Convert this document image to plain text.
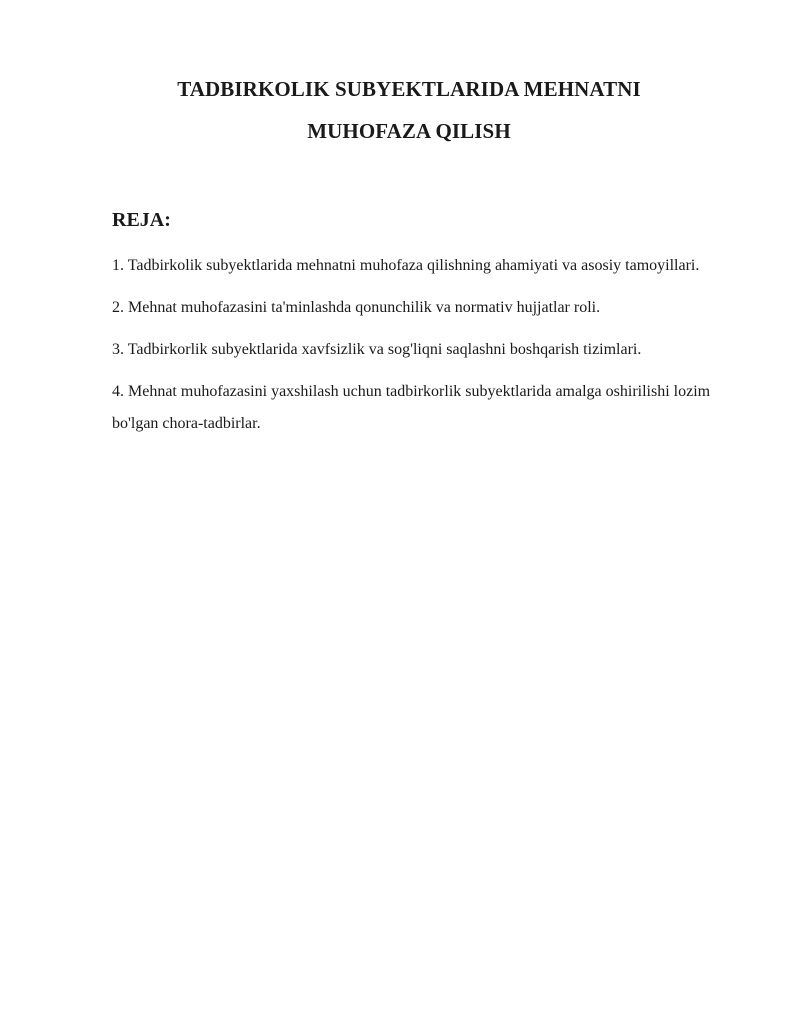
TADBIRKOLIK SUBYEKTLARIDA MEHNATNI
MUHOFAZA QILISH
REJA:
1. Tadbirkolik subyektlarida mehnatni muhofaza qilishning ahamiyati va asosiy tamoyillari.
2. Mehnat muhofazasini ta'minlashda qonunchilik va normativ hujjatlar roli.
3. Tadbirkorlik subyektlarida xavfsizlik va sog'liqni saqlashni boshqarish tizimlari.
4. Mehnat muhofazasini yaxshilash uchun tadbirkorlik subyektlarida amalga oshirilishi lozim bo'lgan chora-tadbirlar.
